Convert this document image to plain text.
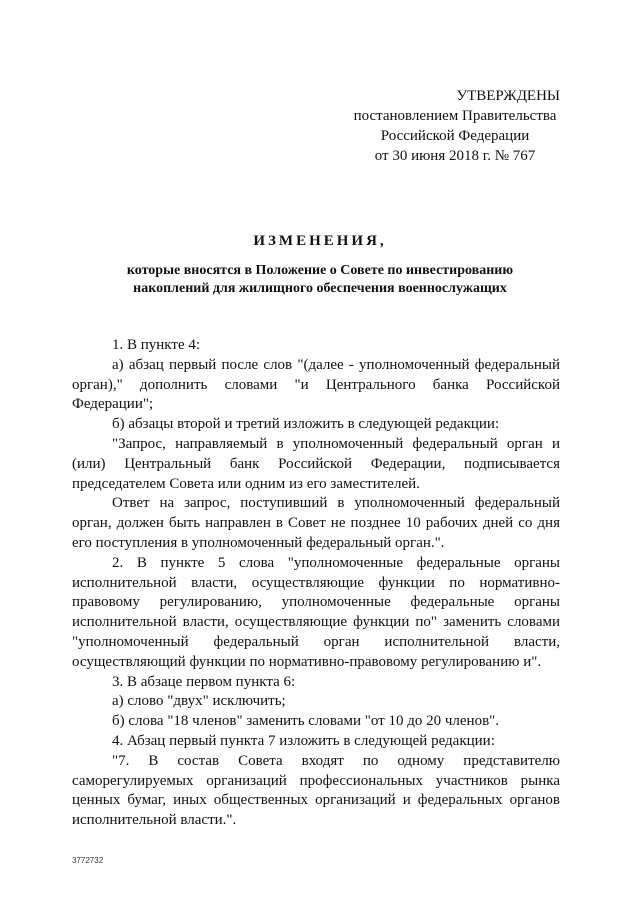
УТВЕРЖДЕНЫ
постановлением Правительства
Российской Федерации
от 30 июня 2018 г. № 767
ИЗМЕНЕНИЯ,
которые вносятся в Положение о Совете по инвестированию
накоплений для жилищного обеспечения военнослужащих

1. В пункте 4:

а) абзац первый после слов "(далее - уполномоченный федеральный орган)," дополнить словами "и Центрального банка Российской Федерации";

б) абзацы второй и третий изложить в следующей редакции:

"Запрос, направляемый в уполномоченный федеральный орган и (или) Центральный банк Российской Федерации, подписывается председателем Совета или одним из его заместителей.

Ответ на запрос, поступивший в уполномоченный федеральный орган, должен быть направлен в Совет не позднее 10 рабочих дней со дня его поступления в уполномоченный федеральный орган.".

2. В пункте 5 слова "уполномоченные федеральные органы исполнительной власти, осуществляющие функции по нормативно-правовому регулированию, уполномоченные федеральные органы исполнительной власти, осуществляющие функции по" заменить словами "уполномоченный федеральный орган исполнительной власти, осуществляющий функции по нормативно-правовому регулированию и".

3. В абзаце первом пункта 6:

а) слово "двух" исключить;

б) слова "18 членов" заменить словами "от 10 до 20 членов".

4. Абзац первый пункта 7 изложить в следующей редакции:

"7. В состав Совета входят по одному представителю саморегулируемых организаций профессиональных участников рынка ценных бумаг, иных общественных организаций и федеральных органов исполнительной власти.".

3772732
